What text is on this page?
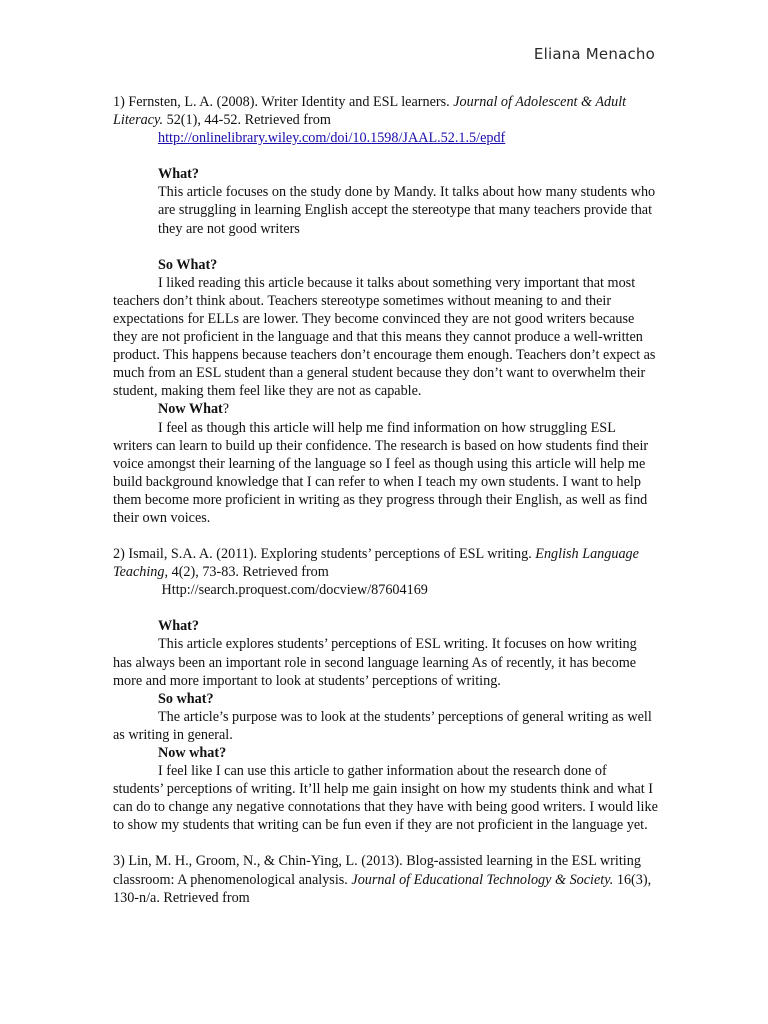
Eliana Menacho

1) Fernsten, L. A. (2008). Writer Identity and ESL learners. Journal of Adolescent & Adult Literacy. 52(1), 44-52. Retrieved from

http://onlinelibrary.wiley.com/doi/10.1598/JAAL.52.1.5/epdf

What?

This article focuses on the study done by Mandy. It talks about how many students who are struggling in learning English accept the stereotype that many teachers provide that they are not good writers

So What?

I liked reading this article because it talks about something very important that most teachers don’t think about. Teachers stereotype sometimes without meaning to and their expectations for ELLs are lower. They become convinced they are not good writers because they are not proficient in the language and that this means they cannot produce a well-written product. This happens because teachers don’t encourage them enough. Teachers don’t expect as much from an ESL student than a general student because they don’t want to overwhelm their student, making them feel like they are not as capable.

Now What?

I feel as though this article will help me find information on how struggling ESL writers can learn to build up their confidence. The research is based on how students find their voice amongst their learning of the language so I feel as though using this article will help me build background knowledge that I can refer to when I teach my own students. I want to help them become more proficient in writing as they progress through their English, as well as find their own voices.

2) Ismail, S.A. A. (2011). Exploring students’ perceptions of ESL writing. English Language Teaching, 4(2), 73-83. Retrieved from

Http://search.proquest.com/docview/87604169

What?

This article explores students’ perceptions of ESL writing. It focuses on how writing has always been an important role in second language learning As of recently, it has become more and more important to look at students’ perceptions of writing.

So what?

The article’s purpose was to look at the students’ perceptions of general writing as well as writing in general.

Now what?

I feel like I can use this article to gather information about the research done of students’ perceptions of writing. It’ll help me gain insight on how my students think and what I can do to change any negative connotations that they have with being good writers. I would like to show my students that writing can be fun even if they are not proficient in the language yet.

3) Lin, M. H., Groom, N., & Chin-Ying, L. (2013). Blog-assisted learning in the ESL writing classroom: A phenomenological analysis. Journal of Educational Technology & Society. 16(3), 130-n/a. Retrieved from
